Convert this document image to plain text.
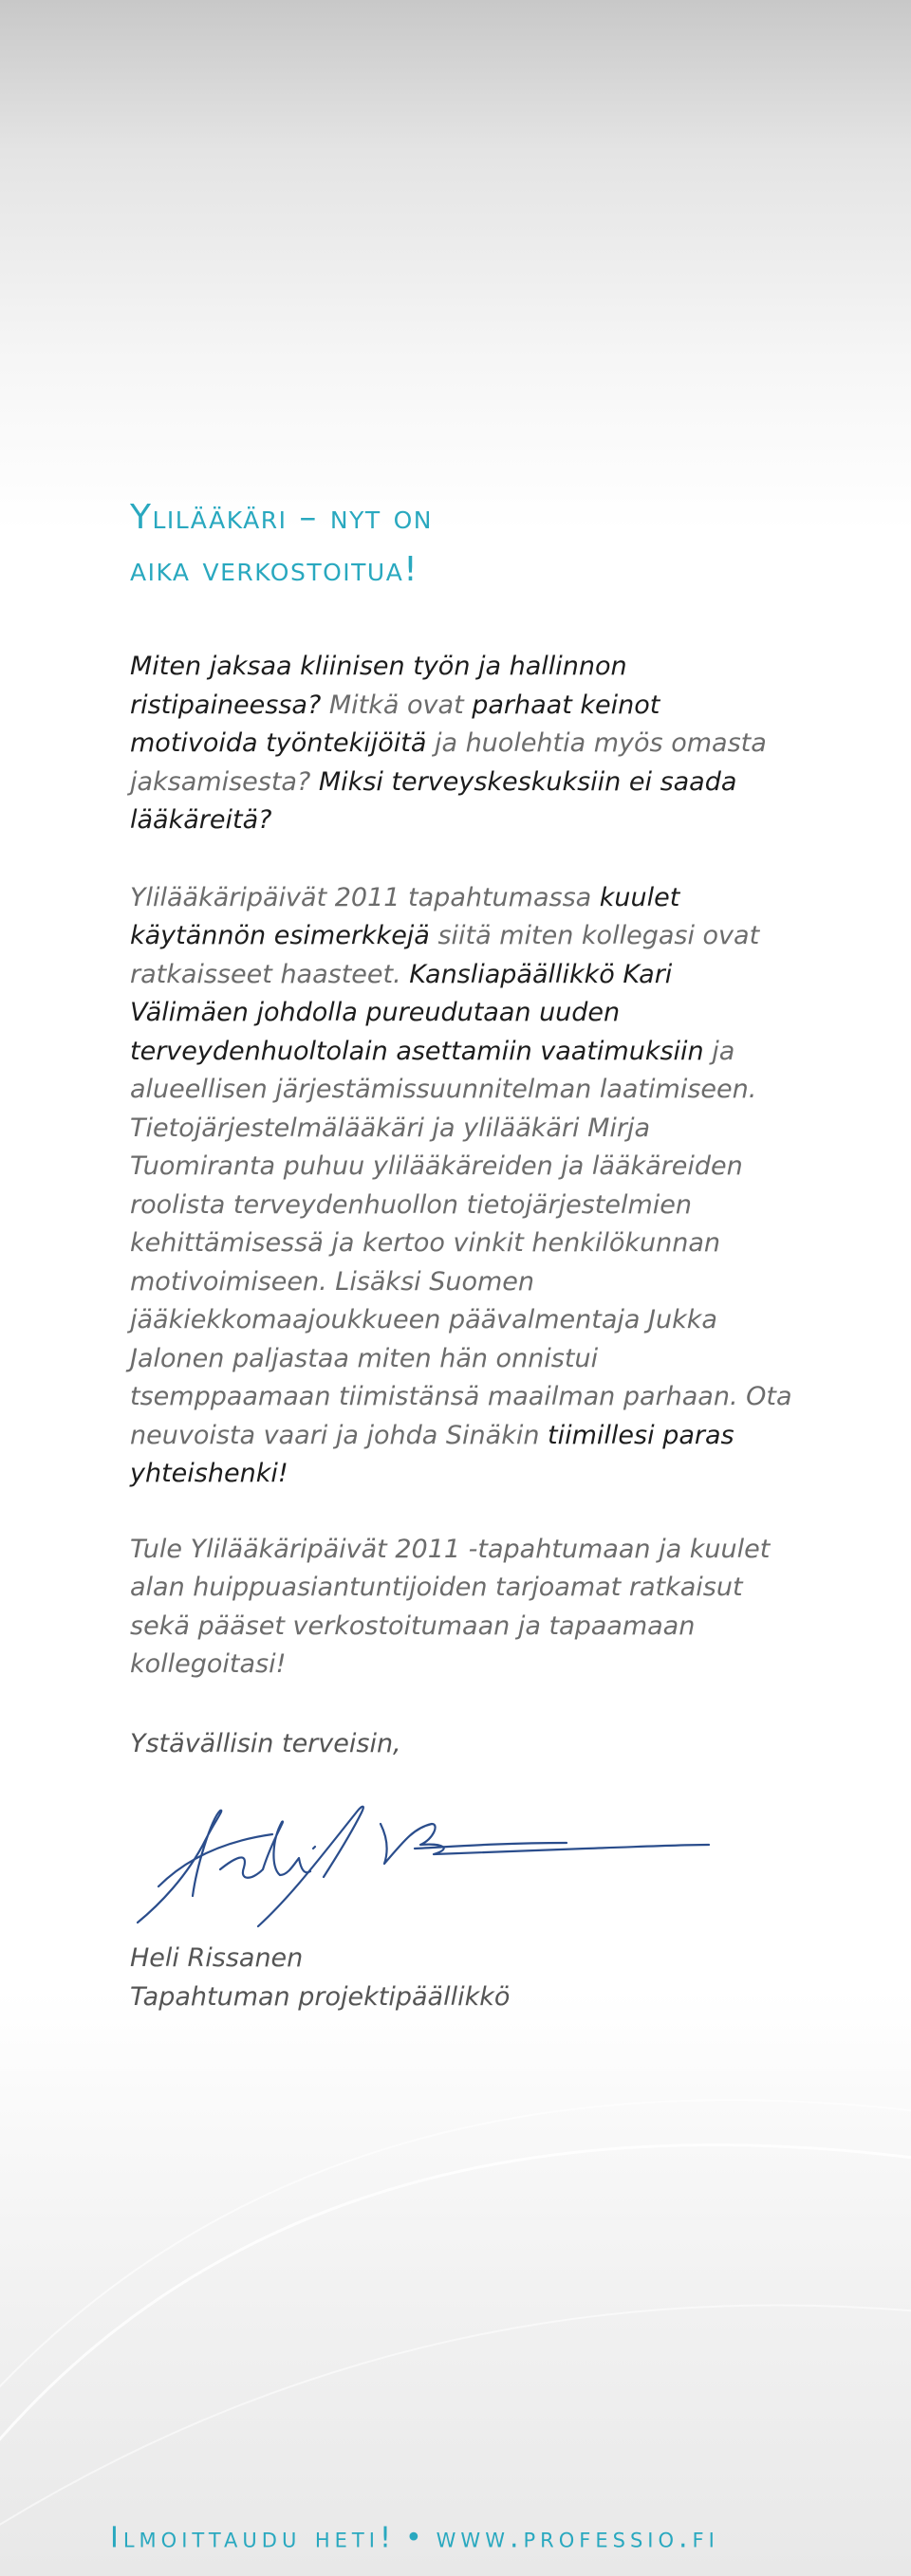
Ylilääkäri – nyt on
aika verkostoitua!

Miten jaksaa kliinisen työn ja hallinnon ristipaineessa? Mitkä ovat parhaat keinot motivoida työntekijöitä ja huolehtia myös omasta jaksamisesta? Miksi terveyskeskuksiin ei saada lääkäreitä?

Ylilääkäripäivät 2011 tapahtumassa kuulet käytännön esimerkkejä siitä miten kollegasi ovat ratkaisseet haasteet. Kansliapäällikkö Kari Välimäen johdolla pureudutaan uuden terveydenhuoltolain asettamiin vaatimuksiin ja alueellisen järjestämissuunnitelman laatimiseen. Tietojärjestelmälääkäri ja ylilääkäri Mirja Tuomiranta puhuu ylilääkäreiden ja lääkäreiden roolista terveydenhuollon tietojärjestelmien kehittämisessä ja kertoo vinkit henkilökunnan motivoimiseen. Lisäksi Suomen jääkiekkomaajoukkueen päävalmentaja Jukka Jalonen paljastaa miten hän onnistui tsemppaamaan tiimistänsä maailman parhaan. Ota neuvoista vaari ja johda Sinäkin tiimillesi paras yhteishenki!

Tule Ylilääkäripäivät 2011 -tapahtumaan ja kuulet alan huippuasiantuntijoiden tarjoamat ratkaisut sekä pääset verkostoitumaan ja tapaamaan kollegoitasi!

Ystävällisin terveisin,

Heli Rissanen

Tapahtuman projektipäällikkö

Ilmoittaudu heti! • www.professio.fi
